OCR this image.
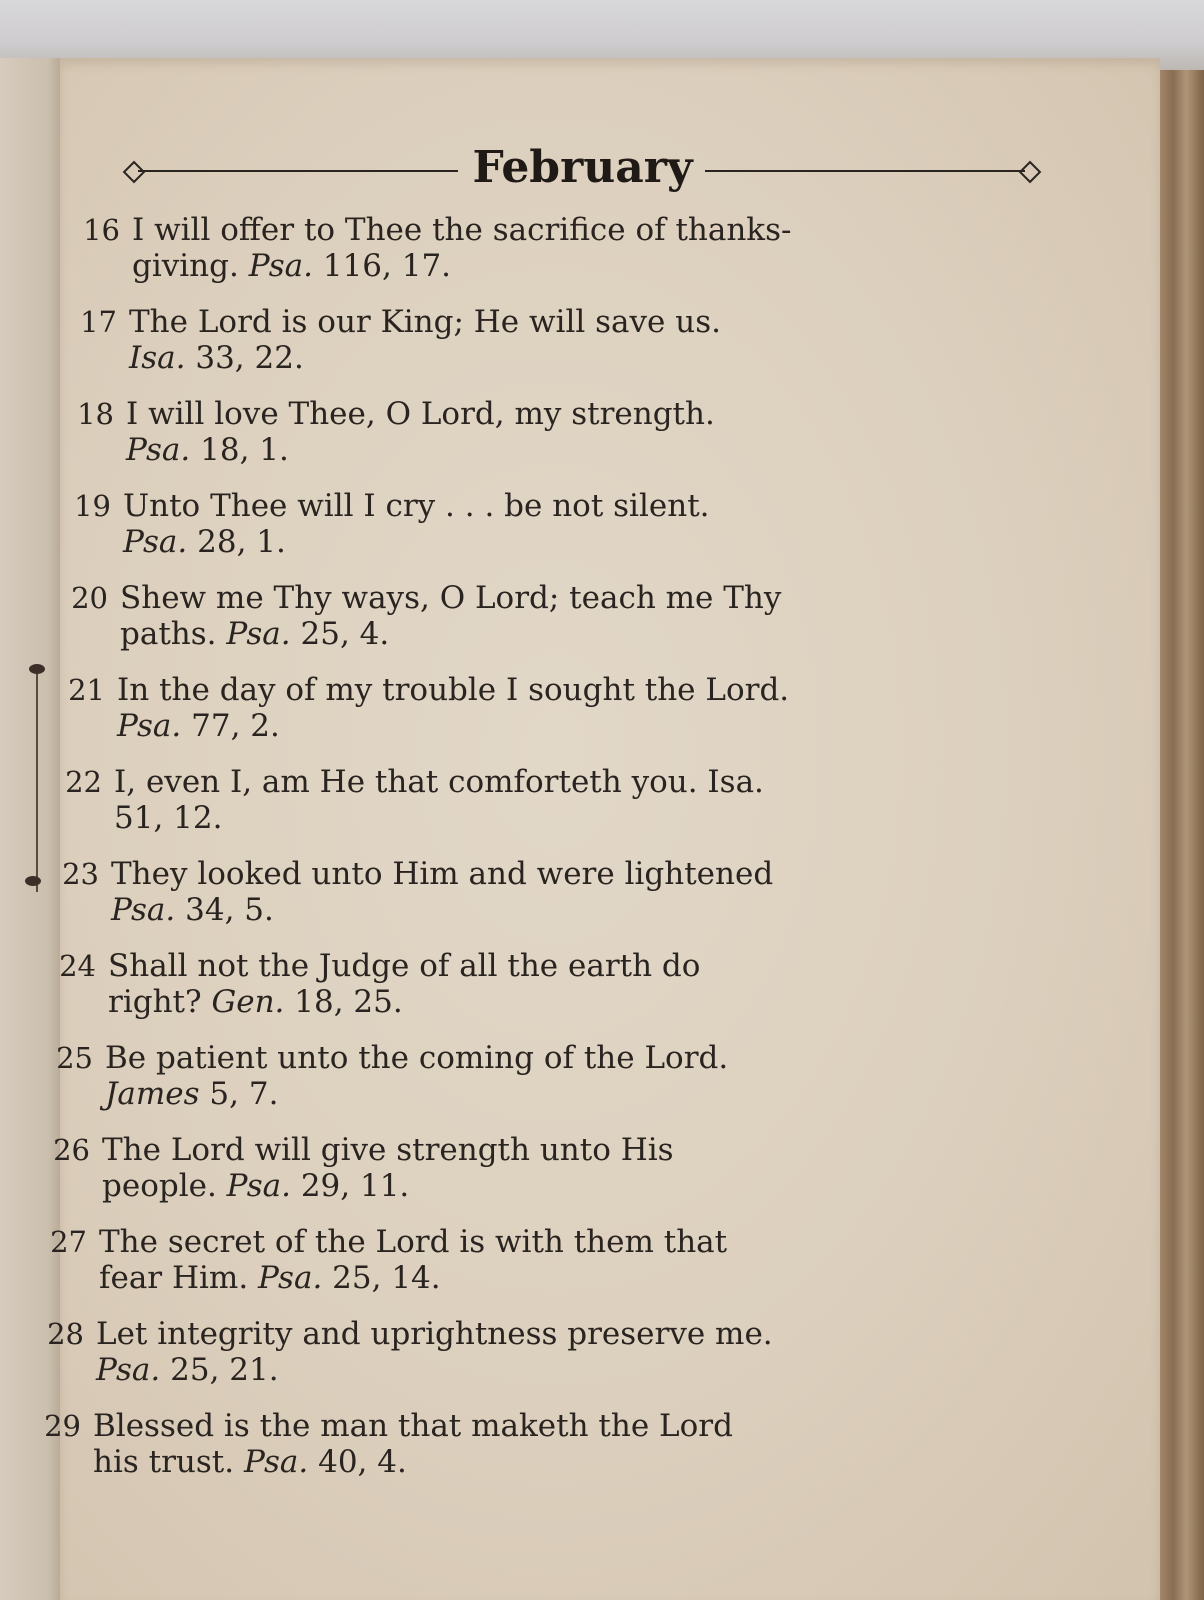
February
16 I will offer to Thee the sacrifice of thanks-
giving. Psa. 116, 17.
17 The Lord is our King; He will save us.
Isa. 33, 22.
18 I will love Thee, O Lord, my strength.
Psa. 18, 1.
19 Unto Thee will I cry . . . be not silent.
Psa. 28, 1.
20 Shew me Thy ways, O Lord; teach me Thy
paths. Psa. 25, 4.
21 In the day of my trouble I sought the Lord.
Psa. 77, 2.
22 I, even I, am He that comforteth you. Isa.
51, 12.
23 They looked unto Him and were lightened
Psa. 34, 5.
24 Shall not the Judge of all the earth do
right? Gen. 18, 25.
25 Be patient unto the coming of the Lord.
James 5, 7.
26 The Lord will give strength unto His
people. Psa. 29, 11.
27 The secret of the Lord is with them that
fear Him. Psa. 25, 14.
28 Let integrity and uprightness preserve me.
Psa. 25, 21.
29 Blessed is the man that maketh the Lord
his trust. Psa. 40, 4.
